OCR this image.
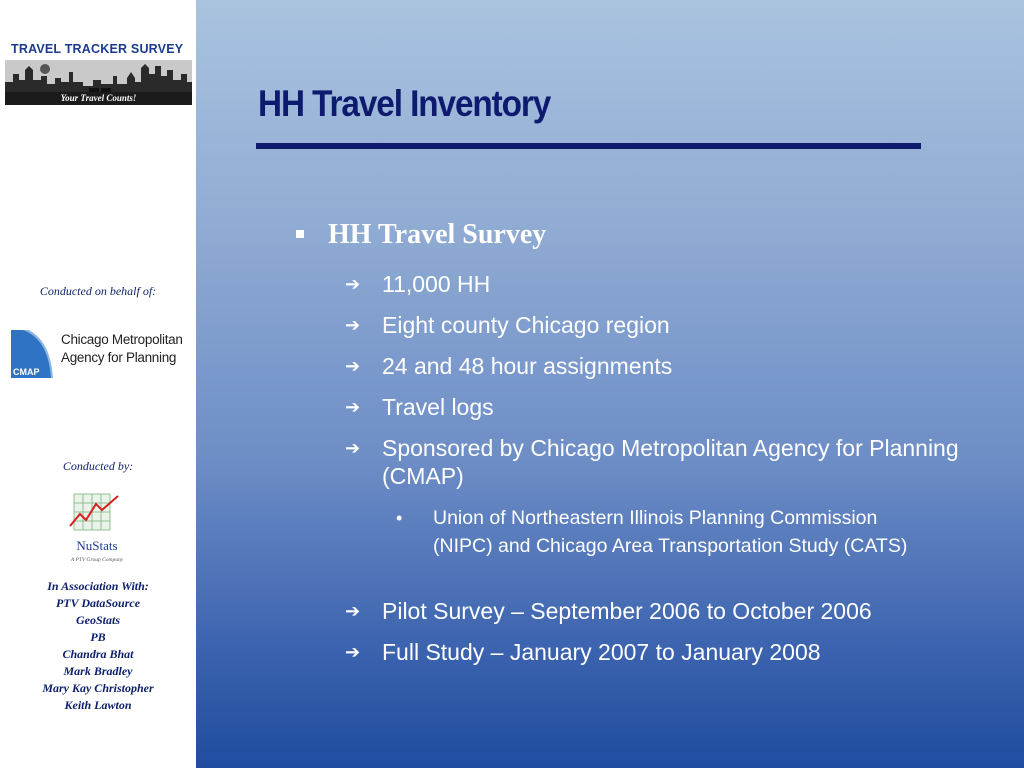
TRAVEL TRACKER SURVEY
Your Travel Counts!
Conducted on behalf of:
CMAP
Chicago Metropolitan
Agency for Planning
Conducted by:
NuStats
A PTV Group Company
In Association With:
PTV DataSource
GeoStats
PB
Chandra Bhat
Mark Bradley
Mary Kay Christopher
Keith Lawton
HH Travel Inventory
HH Travel Survey
➔ 11,000 HH
➔ Eight county Chicago region
➔ 24 and 48 hour assignments
➔ Travel logs
➔ Sponsored by Chicago Metropolitan Agency for Planning (CMAP)
• Union of Northeastern Illinois Planning Commission (NIPC) and Chicago Area Transportation Study (CATS)
➔ Pilot Survey – September 2006 to October 2006
➔ Full Study – January 2007 to January 2008
